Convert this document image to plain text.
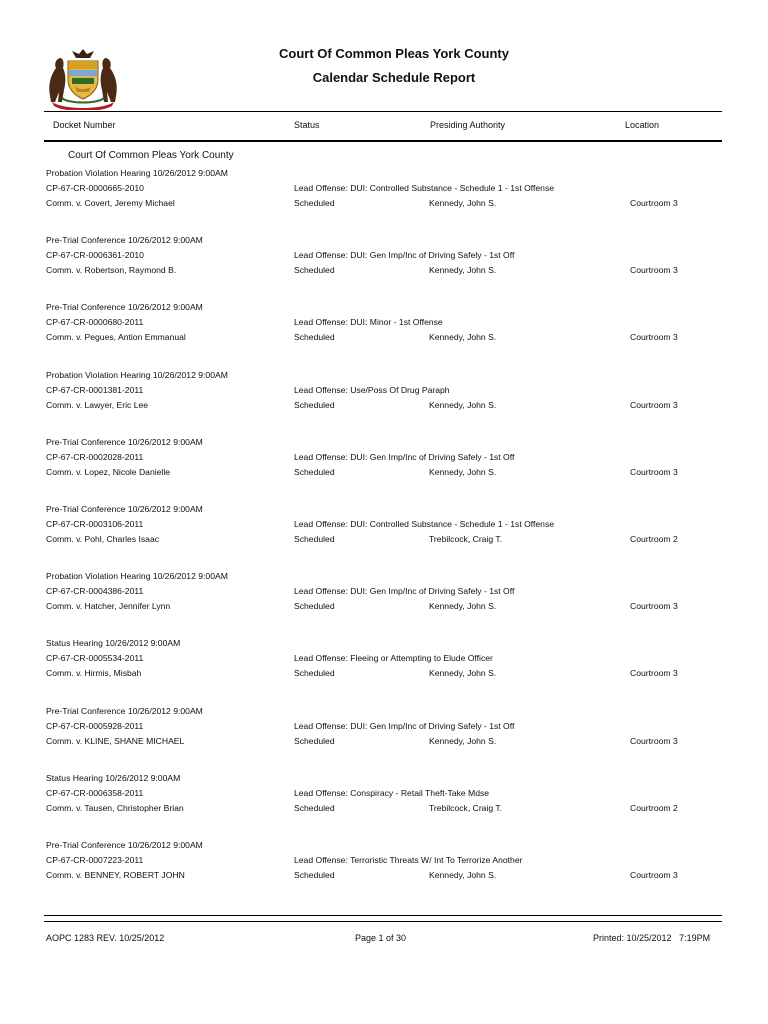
Court Of Common Pleas York County
Calendar Schedule Report
Docket Number	Status	Presiding Authority	Location
Court Of Common Pleas York County
Probation Violation Hearing 10/26/2012 9:00AM
CP-67-CR-0000665-2010
Comm. v. Covert, Jeremy Michael
Lead Offense: DUI: Controlled Substance - Schedule 1 - 1st Offense
Scheduled	Kennedy, John S.	Courtroom 3
Pre-Trial Conference 10/26/2012 9:00AM
CP-67-CR-0006361-2010
Comm. v. Robertson, Raymond B.
Lead Offense: DUI: Gen Imp/Inc of Driving Safely - 1st Off
Scheduled	Kennedy, John S.	Courtroom 3
Pre-Trial Conference 10/26/2012 9:00AM
CP-67-CR-0000680-2011
Comm. v. Pegues, Antion Emmanual
Lead Offense: DUI: Minor - 1st Offense
Scheduled	Kennedy, John S.	Courtroom 3
Probation Violation Hearing 10/26/2012 9:00AM
CP-67-CR-0001381-2011
Comm. v. Lawyer, Eric Lee
Lead Offense: Use/Poss Of Drug Paraph
Scheduled	Kennedy, John S.	Courtroom 3
Pre-Trial Conference 10/26/2012 9:00AM
CP-67-CR-0002028-2011
Comm. v. Lopez, Nicole Danielle
Lead Offense: DUI: Gen Imp/Inc of Driving Safely - 1st Off
Scheduled	Kennedy, John S.	Courtroom 3
Pre-Trial Conference 10/26/2012 9:00AM
CP-67-CR-0003106-2011
Comm. v. Pohl, Charles Isaac
Lead Offense: DUI: Controlled Substance - Schedule 1 - 1st Offense
Scheduled	Trebilcock, Craig T.	Courtroom 2
Probation Violation Hearing 10/26/2012 9:00AM
CP-67-CR-0004386-2011
Comm. v. Hatcher, Jennifer Lynn
Lead Offense: DUI: Gen Imp/Inc of Driving Safely - 1st Off
Scheduled	Kennedy, John S.	Courtroom 3
Status Hearing 10/26/2012 9:00AM
CP-67-CR-0005534-2011
Comm. v. Hirmis, Misbah
Lead Offense: Fleeing or Attempting to Elude Officer
Scheduled	Kennedy, John S.	Courtroom 3
Pre-Trial Conference 10/26/2012 9:00AM
CP-67-CR-0005928-2011
Comm. v. KLINE, SHANE MICHAEL
Lead Offense: DUI: Gen Imp/Inc of Driving Safely - 1st Off
Scheduled	Kennedy, John S.	Courtroom 3
Status Hearing 10/26/2012 9:00AM
CP-67-CR-0006358-2011
Comm. v. Tausen, Christopher Brian
Lead Offense: Conspiracy - Retail Theft-Take Mdse
Scheduled	Trebilcock, Craig T.	Courtroom 2
Pre-Trial Conference 10/26/2012 9:00AM
CP-67-CR-0007223-2011
Comm. v. BENNEY, ROBERT JOHN
Lead Offense: Terroristic Threats W/ Int To Terrorize Another
Scheduled	Kennedy, John S.	Courtroom 3
AOPC 1283 REV. 10/25/2012	Page 1 of 30	Printed: 10/25/2012   7:19PM
